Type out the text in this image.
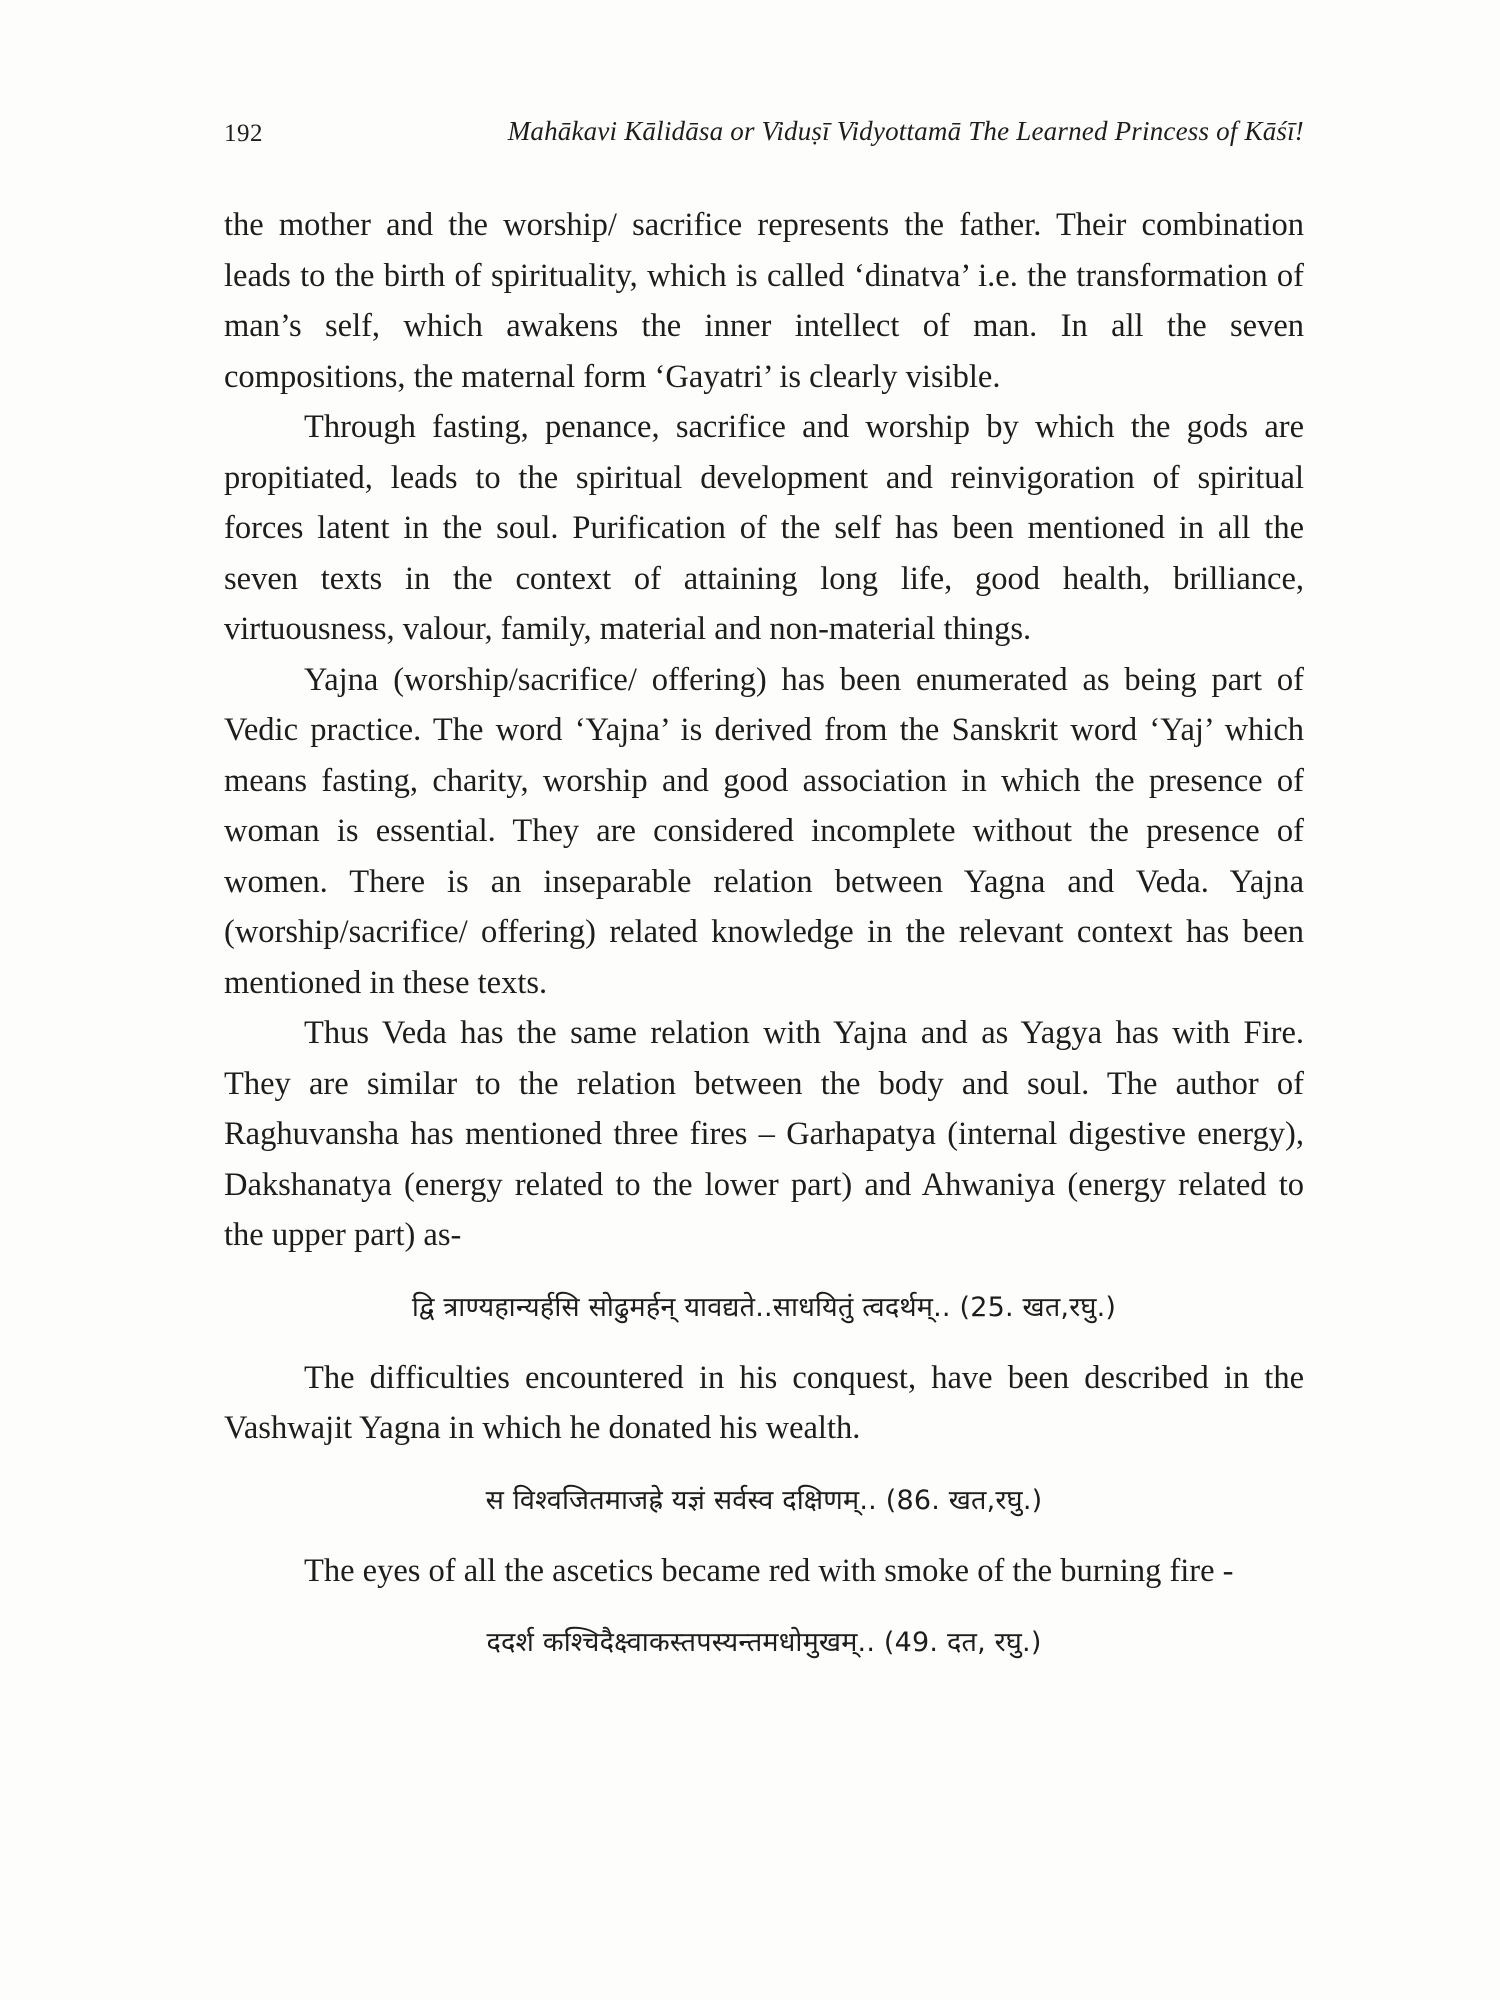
192	Mahākavi Kālidāsa or Viduṣī Vidyottamā The Learned Princess of Kāśī!

the mother and the worship/ sacrifice represents the father. Their combination leads to the birth of spirituality, which is called ‘dinatva’ i.e. the transformation of man’s self, which awakens the inner intellect of man. In all the seven compositions, the maternal form ‘Gayatri’ is clearly visible.

Through fasting, penance, sacrifice and worship by which the gods are propitiated, leads to the spiritual development and reinvigoration of spiritual forces latent in the soul. Purification of the self has been mentioned in all the seven texts in the context of attaining long life, good health, brilliance, virtuousness, valour, family, material and non-material things.

Yajna (worship/sacrifice/ offering) has been enumerated as being part of Vedic practice. The word ‘Yajna’ is derived from the Sanskrit word ‘Yaj’ which means fasting, charity, worship and good association in which the presence of woman is essential. They are considered incomplete without the presence of women. There is an inseparable relation between Yagna and Veda. Yajna (worship/sacrifice/ offering) related knowledge in the relevant context has been mentioned in these texts.

Thus Veda has the same relation with Yajna and as Yagya has with Fire. They are similar to the relation between the body and soul. The author of Raghuvansha has mentioned three fires – Garhapatya (internal digestive energy), Dakshanatya (energy related to the lower part) and Ahwaniya (energy related to the upper part) as-

द्वि त्राण्यहान्यर्हसि सोढुमर्हन् यावद्यते..साधयितुं त्वदर्थम्.. (25. खत,रघु.)

The difficulties encountered in his conquest, have been described in the Vashwajit Yagna in which he donated his wealth.

स विश्वजितमाजह्रे यज्ञं सर्वस्व दक्षिणम्.. (86. खत,रघु.)

The eyes of all the ascetics became red with smoke of the burning fire -

ददर्श कश्चिदैक्ष्वाकस्तपस्यन्तमधोमुखम्.. (49. दत, रघु.)
